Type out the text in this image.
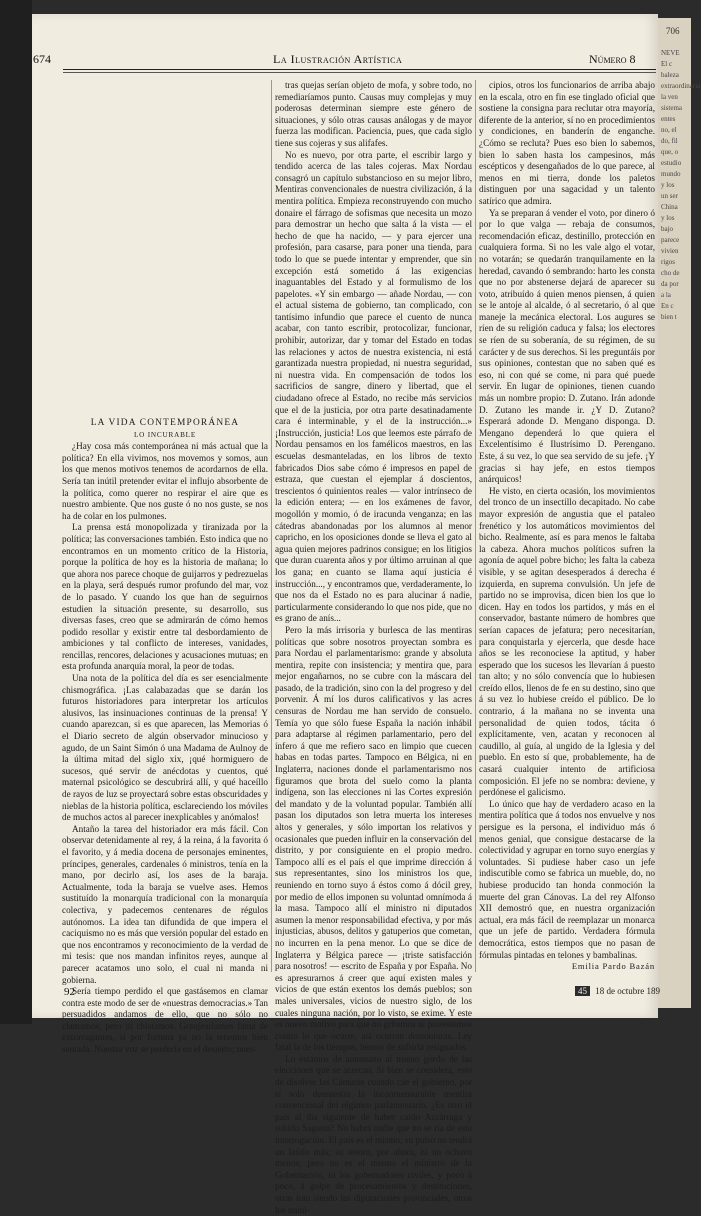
706
NEVE
El c
baleza
extraordinaria
la ven
sistema
entes
no, el
do, fil
que, o
estudio
mundo
y los
un ser
China
y los
bajo
parece
vivien
rigos
cho de
da por
a la
En c
bien t
674	La Ilustración Artística	Número 8

LA VIDA CONTEMPORÁNEA

LO INCURABLE

¿Hay cosa más contemporánea ni más actual que la política? En ella vivimos, nos movemos y somos, aun los que menos motivos tenemos de acordarnos de ella. Sería tan inútil pretender evitar el influjo absorbente de la política, como querer no respirar el aire que es nuestro ambiente. Que nos guste ó no nos guste, se nos ha de colar en los pulmones.

La prensa está monopolizada y tiranizada por la política; las conversaciones también. Esto indica que no encontramos en un momento crítico de la Historia, porque la política de hoy es la historia de mañana; lo que ahora nos parece choque de guijarros y pedrezuelas en la playa, será después rumor profundo del mar, voz de lo pasado. Y cuando los que han de seguirnos estudien la situación presente, su desarrollo, sus diversas fases, creo que se admirarán de cómo hemos podido resollar y existir entre tal desbordamiento de ambiciones y tal conflicto de intereses, vanidades, rencillas, rencores, delaciones y acusaciones mutuas; en esta profunda anarquía moral, la peor de todas.

Una nota de la política del día es ser esencialmente chismográfica. ¡Las calabazadas que se darán los futuros historiadores para interpretar los artículos alusivos, las insinuaciones continuas de la prensa! Y cuando aparezcan, si es que aparecen, las Memorias ó el Diario secreto de algún observador minucioso y agudo, de un Saint Simón ó una Madama de Aulnoy de la última mitad del siglo xix, ¡qué hormiguero de sucesos, qué servir de anécdotas y cuentos, qué maternal psicológico se descubrirá allí, y qué haceíllo de rayos de luz se proyectará sobre estas obscuridades y nieblas de la historia política, esclareciendo los móviles de muchos actos al parecer inexplicables y anómalos!

Antaño la tarea del historiador era más fácil. Con observar detenidamente al rey, á la reina, á la favorita ó el favorito, y á media docena de personajes eminentes, príncipes, generales, cardenales ó ministros, tenía en la mano, por decirlo así, los ases de la baraja. Actualmente, toda la baraja se vuelve ases. Hemos sustituído la monarquía tradicional con la monarquía colectiva, y padecemos centenares de régulos autónomos. La idea tan difundida de que impera el caciquismo no es más que versión popular del estado en que nos encontramos y reconocimiento de la verdad de mi tesis: que nos mandan infinitos reyes, aunque al parecer acatamos uno solo, el cual ni manda ni gobierna.

Sería tiempo perdido el que gastásemos en clamar contra este modo de ser de «nuestras democracias.» Tan persuadidos andamos de ello, que no sólo no clamamos, pero ni chistamos. Granjearlamos fama de extravagantes, si por fortuna ya no la tenemos bien sentada. Nuestra voz se perdería en el desierto; nues-

tras quejas serían objeto de mofa, y sobre todo, no remediaríamos punto. Causas muy complejas y muy poderosas determinan siempre este género de situaciones, y sólo otras causas análogas y de mayor fuerza las modifican. Paciencia, pues, que cada siglo tiene sus cojeras y sus alifafes.

No es nuevo, por otra parte, el escribir largo y tendido acerca de las tales cojeras. Max Nordau consagró un capítulo substancioso en su mejor libro, Mentiras convencionales de nuestra civilización, á la mentira política. Empieza reconstruyendo con mucho donaire el fárrago de sofismas que necesita un mozo para demostrar un hecho que salta á la vista — el hecho de que ha nacido, — y para ejercer una profesión, para casarse, para poner una tienda, para todo lo que se puede intentar y emprender, que sin excepción está sometido á las exigencias inaguantables del Estado y al formulismo de los papelotes. «Y sin embargo — añade Nordau, — con el actual sistema de gobierno, tan complicado, con tantísimo infundio que parece el cuento de nunca acabar, con tanto escribir, protocolizar, funcionar, prohibir, autorizar, dar y tomar del Estado en todas las relaciones y actos de nuestra existencia, ni está garantizada nuestra propiedad, ni nuestra seguridad, ni nuestra vida. En compensación de todos los sacrificios de sangre, dinero y libertad, que el ciudadano ofrece al Estado, no recibe más servicios que el de la justicia, por otra parte desatinadamente cara é interminable, y el de la instrucción...» ¡Instrucción, justicia! Los que leemos este párrafo de Nordau pensamos en los famélicos maestros, en las escuelas desmanteladas, en los libros de texto fabricados Dios sabe cómo é impresos en papel de estraza, que cuestan el ejemplar á doscientos, trescientos ó quinientos reales — valor intrínseco de la edición entera; — en los exámenes de favor, mogollón y momio, ó de iracunda venganza; en las cátedras abandonadas por los alumnos al menor capricho, en los oposiciones donde se lleva el gato al agua quien mejores padrinos consigue; en los litigios que duran cuarenta años y por último arruinan al que los gana; en cuanto se llama aquí justicia é instrucción..., y encontramos que, verdaderamente, lo que nos da el Estado no es para alucinar á nadie, particularmente considerando lo que nos pide, que no es grano de anís...

Pero la más irrisoria y burlesca de las mentiras políticas que sobre nosotros proyectan sombra es para Nordau el parlamentarismo: grande y absoluta mentira, repite con insistencia; y mentira que, para mejor engañarnos, no se cubre con la máscara del pasado, de la tradición, sino con la del progreso y del porvenir. Á mí los duros calificativos y las acres censuras de Nordau me han servido de consuelo. Temía yo que sólo fuese España la nación inhábil para adaptarse al régimen parlamentario, pero del ínfero á que me refiero saco en limpio que cuecen habas en todas partes. Tampoco en Bélgica, ni en Inglaterra, naciones donde el parlamentarismo nos figuramos que brota del suelo como la planta indígena, son las elecciones ni las Cortes expresión del mandato y de la voluntad popular. También allí pasan los diputados son letra muerta los intereses altos y generales, y sólo importan los relativos y ocasionales que pueden influir en la conservación del distrito, y por consiguiente en el propio medro. Tampoco allí es el país el que imprime dirección á sus representantes, sino los ministros los que, reuniendo en torno suyo á éstos como á dócil grey, por medio de ellos imponen su voluntad omnímoda á la masa. Tampoco allí el ministro ni diputados asumen la menor responsabilidad efectiva, y por más injusticias, abusos, delitos y gatuperios que cometan, no incurren en la pena menor. Lo que se dice de Inglaterra y Bélgica parece — ¡triste satisfacción para nosotros! — escrito de España y por España. No es apresurarnos á creer que aquí existen males y vicios de que están exentos los demás pueblos; son males universales, vicios de nuestro siglo, de los cuales ninguna nación, por lo visto, se exime. Y este es nuevo motivo para que no gritemos ni protestemos contra lo que ocurre, así ocurran demoniuras. Ley fatal la de los tiempos, hemos de sufrirla resignados.

Lo estamos de antemano al trueno gordo de las elecciones que se acercan. Si bien se considera, esto de disolver las Cámaras cuando cae el gobierno, por sí solo demuestra la inconmensurable mentira convencional del régimen parlamentario. ¿Es otro el país al día siguiente de haber caído Azcárraga y subido Sagasta? No habrá nadie que no se ría de esta interrogación. El país es el mismo; su pulso no tendrá un latido más; su tesoro, por ahora, ni un ochavo menos; pero no es el mismo el ministro de la Gobernación, ni los gobernadores civiles, y poco á poco, á golpe de procesamientos y destituciones, otras irán siendo las diputaciones provinciales, otros los muni-

cipios, otros los funcionarios de arriba abajo en la escala, otro en fin ese tinglado oficial que sostiene la consigna para reclutar otra mayoría, diferente de la anterior, sí no en procedimientos y condiciones, en banderín de enganche. ¿Cómo se recluta? Pues eso bien lo sabemos, bien lo saben hasta los campesinos, más escépticos y desengañados de lo que parece, al menos en mi tierra, donde los paletos distinguen por una sagacidad y un talento satírico que admira.

Ya se preparan á vender el voto, por dinero ó por lo que valga — rebaja de consumos, recomendación eficaz, destinillo, protección en cualquiera forma. Si no les vale algo el votar, no votarán; se quedarán tranquilamente en la heredad, cavando ó sembrando: harto les consta que no por abstenerse dejará de aparecer su voto, atribuído á quien menos piensen, á quien se le antoje al alcalde, ó al secretario, ó al que maneje la mecánica electoral. Los augures se ríen de su religión caduca y falsa; los electores se ríen de su soberanía, de su régimen, de su carácter y de sus derechos. Si les preguntáis por sus opiniones, contestan que no saben qué es eso, ni con qué se come, ni para qué puede servir. En lugar de opiniones, tienen cuando más un nombre propio: D. Zutano. Irán adonde D. Zutano les mande ir. ¿Y D. Zutano? Esperará adonde D. Mengano disponga. D. Mengano dependerá lo que quiera el Excelentísimo é Ilustrísimo D. Perengano. Este, á su vez, lo que sea servido de su jefe. ¡Y gracias si hay jefe, en estos tiempos anárquicos!

He visto, en cierta ocasión, los movimientos del tronco de un insectillo decapitado. No cabe mayor expresión de angustia que el pataleo frenético y los automáticos movimientos del bicho. Realmente, así es para menos le faltaba la cabeza. Ahora muchos políticos sufren la agonía de aquel pobre bicho; les falta la cabeza visible, y se agitan desesperados á derecha é izquierda, en suprema convulsión. Un jefe de partido no se improvisa, dicen bien los que lo dicen. Hay en todos los partidos, y más en el conservador, bastante número de hombres que serían capaces de jefatura; pero necesitarían, para conquistarla y ejercerla, que desde hace años se les reconociese la aptitud, y haber esperado que los sucesos les llevarían á puesto tan alto; y no sólo convencía que lo hubiesen creído ellos, llenos de fe en su destino, sino que á su vez lo hubiese creído el público. De lo contrario, á la mañana no se inventa una personalidad de quien todos, tácita ó explícitamente, ven, acatan y reconocen al caudillo, al guía, al ungido de la Iglesia y del pueblo. En esto sí que, probablemente, ha de casará cualquier intento de artificiosa composición. El jefe no se nombra: deviene, y perdónese el galicismo.

Lo único que hay de verdadero acaso en la mentira política que á todos nos envuelve y nos persigue es la persona, el individuo más ó menos genial, que consigue destacarse de la colectividad y agrupar en torno suyo energías y voluntades. Si pudiese haber caso un jefe indiscutible como se fabrica un mueble, do, no hubiese producido tan honda conmoción la muerte del gran Cánovas. La del rey Alfonso XII demostró que, en nuestra organización actual, era más fácil de reemplazar un monarca que un jefe de partido. Verdadera fórmula democrática, estos tiempos que no pasan de fórmulas pintadas en telones y bambalinas.

Emilia Pardo Bazán

92	45 18 de octubre 189
